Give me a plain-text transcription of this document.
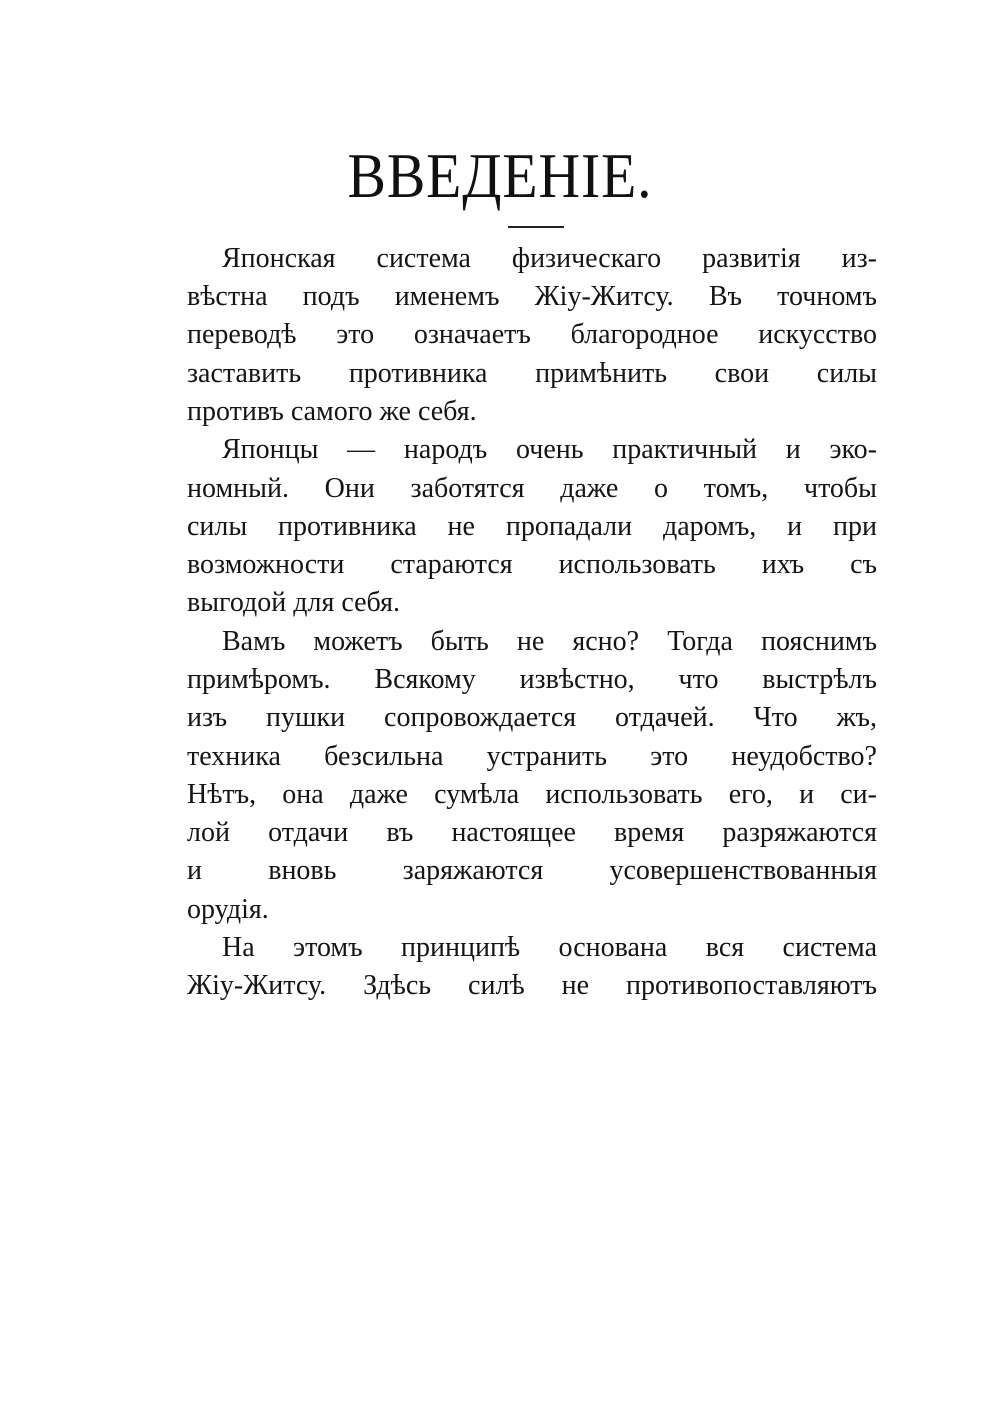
ВВЕДЕНІЕ.
Японская система физическаго развитія из-
вѣстна подъ именемъ Жіу-Житсу. Въ точномъ
переводѣ это означаетъ благородное искусство
заставить противника примѣнить свои силы
противъ самого же себя.
Японцы — народъ очень практичный и эко-
номный. Они заботятся даже о томъ, чтобы
силы противника не пропадали даромъ, и при
возможности стараются использовать ихъ съ
выгодой для себя.
Вамъ можетъ быть не ясно? Тогда пояснимъ
примѣромъ. Всякому извѣстно, что выстрѣлъ
изъ пушки сопровождается отдачей. Что жъ,
техника безсильна устранить это неудобство?
Нѣтъ, она даже сумѣла использовать его, и си-
лой отдачи въ настоящее время разряжаются
и вновь заряжаются усовершенствованныя
орудія.
На этомъ принципѣ основана вся система
Жіу-Житсу. Здѣсь силѣ не противопоставляютъ
